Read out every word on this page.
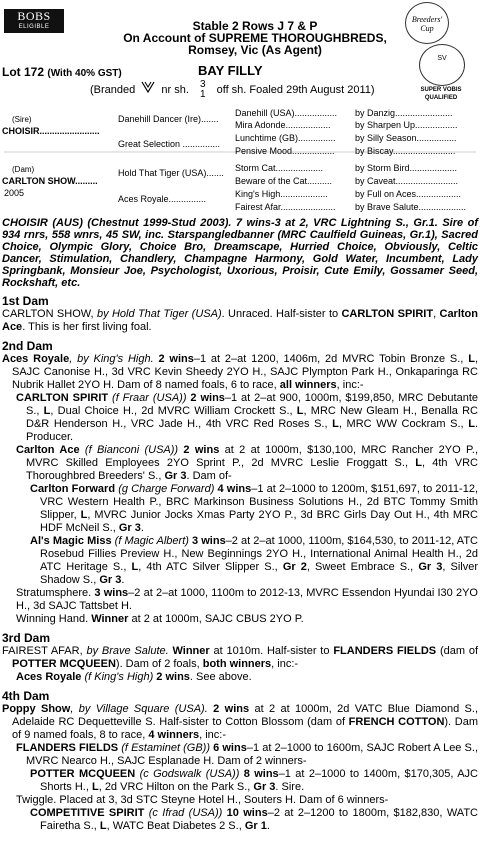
BOBS
ELIGIBLE	Stable 2 Rows J 7 & P
On Account of SUPREME THOROUGHBREDS,
Romsey, Vic (As Agent)
Breeders' Cup
SV
SUPER VOBIS QUALIFIED
Lot 172 (With 40% GST)	BAY FILLY
(Branded nr sh. 3
1 off sh. Foaled 29th August 2011)
(Sire)
CHOISIR........................
(Dam)
CARLTON SHOW.........
2005
Danehill Dancer (Ire).......
Great Selection ...............
Hold That Tiger (USA).......
Aces Royale...............
Danehill (USA).................
Mira Adonde..................
Lunchtime (GB)...............
Pensive Mood.................
Storm Cat...................
Beware of the Cat..........
King's High...................
Fairest Afar......................
by Danzig.......................
by Sharpen Up.................
by Silly Season................
by Biscay.........................
by Storm Bird...................
by Caveat.........................
by Full on Aces..................
by Brave Salute...................

CHOISIR (AUS) (Chestnut 1999-Stud 2003). 7 wins-3 at 2, VRC Lightning S., Gr.1. Sire of 934 rnrs, 558 wnrs, 45 SW, inc. Starspangledbanner (MRC Caulfield Guineas, Gr.1), Sacred Choice, Olympic Glory, Choice Bro, Dreamscape, Hurried Choice, Obviously, Celtic Dancer, Stimulation, Chandlery, Champagne Harmony, Gold Water, Incumbent, Lady Springbank, Monsieur Joe, Psychologist, Uxorious, Proisir, Cute Emily, Gossamer Seed, Rockshaft, etc.

1st Dam

CARLTON SHOW, by Hold That Tiger (USA). Unraced. Half-sister to CARLTON SPIRIT, Carlton Ace. This is her first living foal.

2nd Dam

Aces Royale, by King's High. 2 wins–1 at 2–at 1200, 1406m, 2d MVRC Tobin Bronze S., L, SAJC Canonise H., 3d VRC Kevin Sheedy 2YO H., SAJC Plympton Park H., Onkaparinga RC Nubrik Hallet 2YO H. Dam of 8 named foals, 6 to race, all winners, inc:-

CARLTON SPIRIT (f Fraar (USA)) 2 wins–1 at 2–at 900, 1000m, $199,850, MRC Debutante S., L, Dual Choice H., 2d MVRC William Crockett S., L, MRC New Gleam H., Benalla RC D&R Henderson H., VRC Jade H., 4th VRC Red Roses S., L, MRC WW Cockram S., L. Producer.

Carlton Ace (f Bianconi (USA)) 2 wins at 2 at 1000m, $130,100, MRC Rancher 2YO P., MVRC Skilled Employees 2YO Sprint P., 2d MVRC Leslie Froggatt S., L, 4th VRC Thoroughbred Breeders' S., Gr 3. Dam of-

Carlton Forward (g Charge Forward) 4 wins–1 at 2–1000 to 1200m, $151,697, to 2011-12, VRC Western Health P., BRC Markinson Business Solutions H., 2d BTC Tommy Smith Slipper, L, MVRC Junior Jocks Xmas Party 2YO P., 3d BRC Girls Day Out H., 4th MRC HDF McNeil S., Gr 3.

Al's Magic Miss (f Magic Albert) 3 wins–2 at 2–at 1000, 1100m, $164,530, to 2011-12, ATC Rosebud Fillies Preview H., New Beginnings 2YO H., International Animal Health H., 2d ATC Heritage S., L, 4th ATC Silver Slipper S., Gr 2, Sweet Embrace S., Gr 3, Silver Shadow S., Gr 3.

Stratumsphere. 3 wins–2 at 2–at 1000, 1100m to 2012-13, MVRC Essendon Hyundai I30 2YO H., 3d SAJC Tattsbet H.

Winning Hand. Winner at 2 at 1000m, SAJC CBUS 2YO P.

3rd Dam

FAIREST AFAR, by Brave Salute. Winner at 1010m. Half-sister to FLANDERS FIELDS (dam of POTTER MCQUEEN). Dam of 2 foals, both winners, inc:-

Aces Royale (f King's High) 2 wins. See above.

4th Dam

Poppy Show, by Village Square (USA). 2 wins at 2 at 1000m, 2d VATC Blue Diamond S., Adelaide RC Dequetteville S. Half-sister to Cotton Blossom (dam of FRENCH COTTON). Dam of 9 named foals, 8 to race, 4 winners, inc:-

FLANDERS FIELDS (f Estaminet (GB)) 6 wins–1 at 2–1000 to 1600m, SAJC Robert A Lee S., MVRC Nearco H., SAJC Esplanade H. Dam of 2 winners-

POTTER MCQUEEN (c Godswalk (USA)) 8 wins–1 at 2–1000 to 1400m, $170,305, AJC Shorts H., L, 2d VRC Hilton on the Park S., Gr 3. Sire.

Twiggle. Placed at 3, 3d STC Steyne Hotel H., Souters H. Dam of 6 winners-

COMPETITIVE SPIRIT (c Ifrad (USA)) 10 wins–2 at 2–1200 to 1800m, $182,830, WATC Fairetha S., L, WATC Beat Diabetes 2 S., Gr 1.
